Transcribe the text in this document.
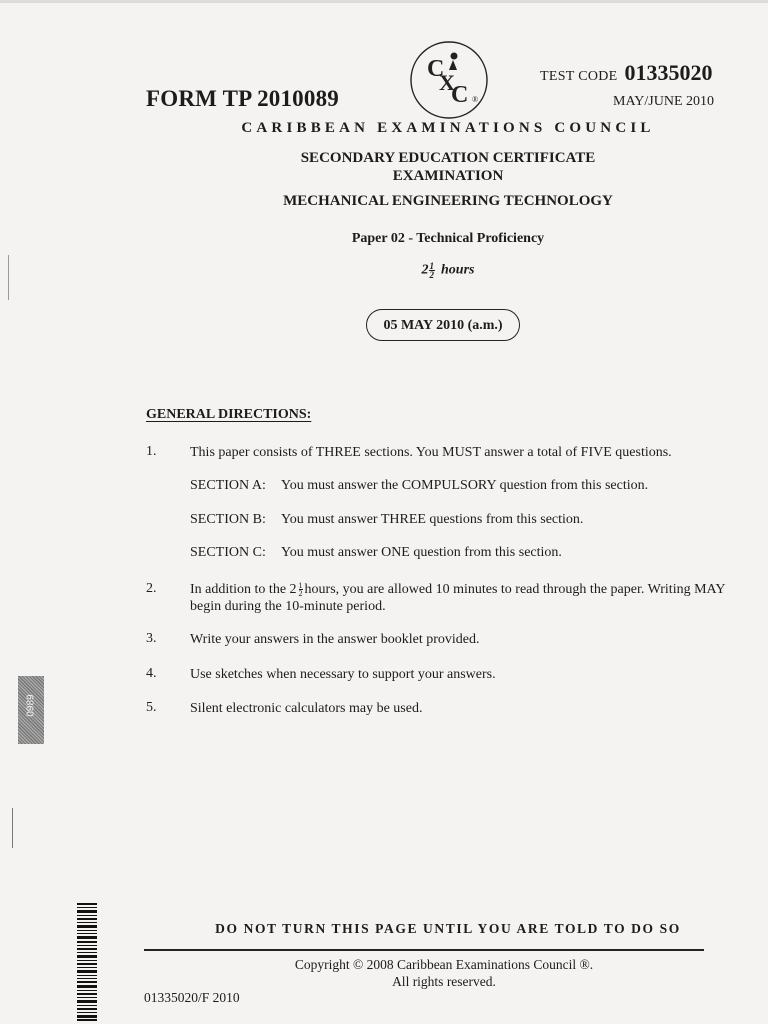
FORM TP 2010089
C
X
C ®
TEST CODE 01335020
MAY/JUNE 2010
CARIBBEAN EXAMINATIONS COUNCIL
SECONDARY EDUCATION CERTIFICATE
EXAMINATION
MECHANICAL ENGINEERING TECHNOLOGY
Paper 02 - Technical Proficiency
$2 \frac{1}{2}$ hours
05 MAY 2010 (a.m.)
GENERAL DIRECTIONS:
1. This paper consists of THREE sections. You MUST answer a total of FIVE questions.
SECTION A: You must answer the COMPULSORY question from this section.
SECTION B: You must answer THREE questions from this section.
SECTION C: You must answer ONE question from this section.
2. In addition to the $2 \frac{1}{2}$ hours, you are allowed 10 minutes to read through the paper. Writing MAY begin during the 10-minute period.
3. Write your answers in the answer booklet provided.
4. Use sketches when necessary to support your answers.
5. Silent electronic calculators may be used.
DO NOT TURN THIS PAGE UNTIL YOU ARE TOLD TO DO SO
Copyright © 2008 Caribbean Examinations Council ®.
All rights reserved.
01335020/F 2010
0989
